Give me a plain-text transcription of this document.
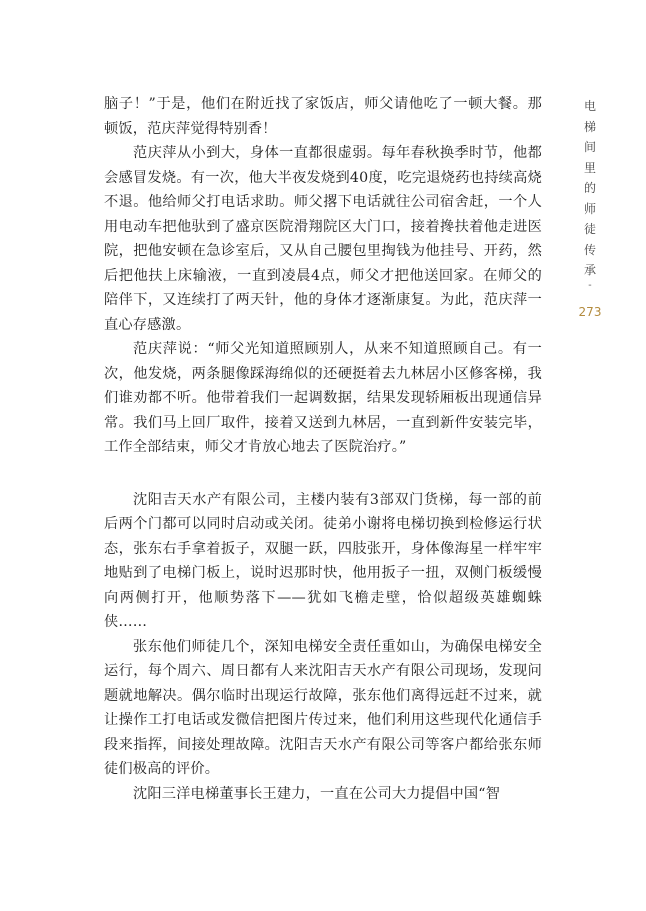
脑子！”于是，他们在附近找了家饭店，师父请他吃了一顿大餐。那顿饭，范庆萍觉得特别香！

范庆萍从小到大，身体一直都很虚弱。每年春秋换季时节，他都会感冒发烧。有一次，他大半夜发烧到40度，吃完退烧药也持续高烧不退。他给师父打电话求助。师父撂下电话就往公司宿舍赶，一个人用电动车把他驮到了盛京医院滑翔院区大门口，接着搀扶着他走进医院，把他安顿在急诊室后，又从自己腰包里掏钱为他挂号、开药，然后把他扶上床输液，一直到凌晨4点，师父才把他送回家。在师父的陪伴下，又连续打了两天针，他的身体才逐渐康复。为此，范庆萍一直心存感激。

范庆萍说：“师父光知道照顾别人，从来不知道照顾自己。有一次，他发烧，两条腿像踩海绵似的还硬挺着去九林居小区修客梯，我们谁劝都不听。他带着我们一起调数据，结果发现轿厢板出现通信异常。我们马上回厂取件，接着又送到九林居，一直到新件安装完毕，工作全部结束，师父才肯放心地去了医院治疗。”

沈阳吉天水产有限公司，主楼内装有3部双门货梯，每一部的前后两个门都可以同时启动或关闭。徒弟小谢将电梯切换到检修运行状态，张东右手拿着扳子，双腿一跃，四肢张开，身体像海星一样牢牢地贴到了电梯门板上，说时迟那时快，他用扳子一扭，双侧门板缓慢向两侧打开，他顺势落下——犹如飞檐走壁，恰似超级英雄蜘蛛侠……

张东他们师徒几个，深知电梯安全责任重如山，为确保电梯安全运行，每个周六、周日都有人来沈阳吉天水产有限公司现场，发现问题就地解决。偶尔临时出现运行故障，张东他们离得远赶不过来，就让操作工打电话或发微信把图片传过来，他们利用这些现代化通信手段来指挥，间接处理故障。沈阳吉天水产有限公司等客户都给张东师徒们极高的评价。

沈阳三洋电梯董事长王建力，一直在公司大力提倡中国“智

电梯间里的师徒传承
-
273
